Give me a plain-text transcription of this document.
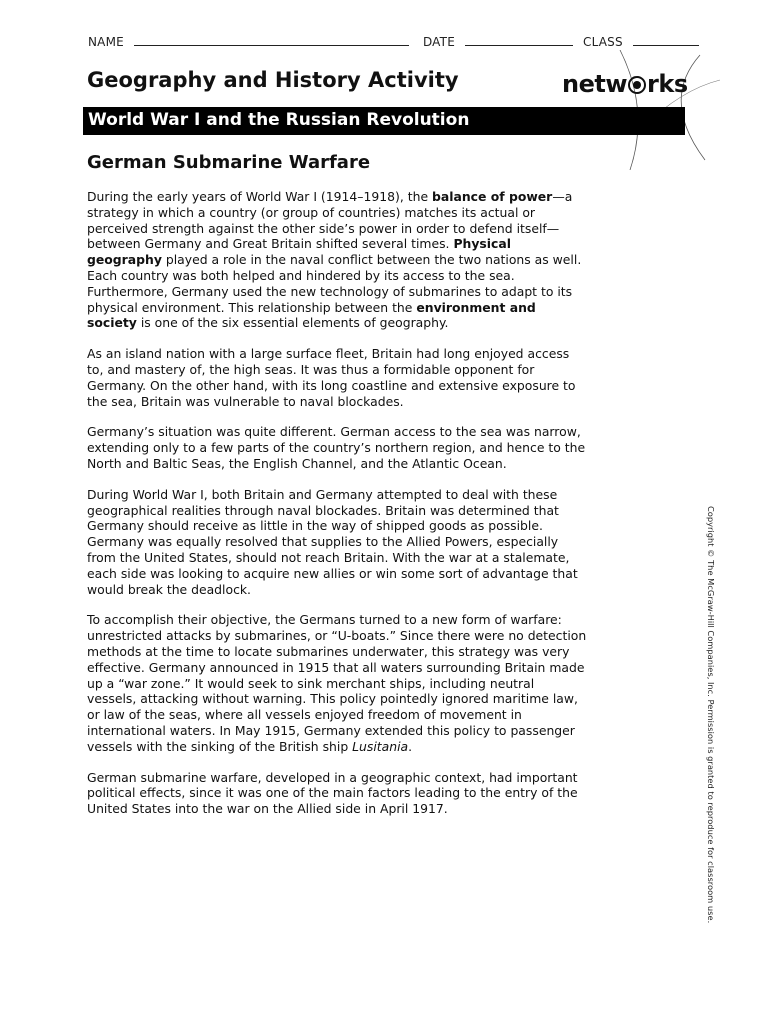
NAME	DATE	CLASS
Geography and History Activity	netw rks
World War I and the Russian Revolution
German Submarine Warfare

During the early years of World War I (1914–1918), the balance of power—a strategy in which a country (or group of countries) matches its actual or perceived strength against the other side’s power in order to defend itself—between Germany and Great Britain shifted several times. Physical geography played a role in the naval conflict between the two nations as well. Each country was both helped and hindered by its access to the sea. Furthermore, Germany used the new technology of submarines to adapt to its physical environment. This relationship between the environment and society is one of the six essential elements of geography.

As an island nation with a large surface fleet, Britain had long enjoyed access to, and mastery of, the high seas. It was thus a formidable opponent for Germany. On the other hand, with its long coastline and extensive exposure to the sea, Britain was vulnerable to naval blockades.

Germany’s situation was quite different. German access to the sea was narrow, extending only to a few parts of the country’s northern region, and hence to the North and Baltic Seas, the English Channel, and the Atlantic Ocean.

During World War I, both Britain and Germany attempted to deal with these geographical realities through naval blockades. Britain was determined that Germany should receive as little in the way of shipped goods as possible. Germany was equally resolved that supplies to the Allied Powers, especially from the United States, should not reach Britain. With the war at a stalemate, each side was looking to acquire new allies or win some sort of advantage that would break the deadlock.

To accomplish their objective, the Germans turned to a new form of warfare: unrestricted attacks by submarines, or “U-boats.” Since there were no detection methods at the time to locate submarines underwater, this strategy was very effective. Germany announced in 1915 that all waters surrounding Britain made up a “war zone.” It would seek to sink merchant ships, including neutral vessels, attacking without warning. This policy pointedly ignored maritime law, or law of the seas, where all vessels enjoyed freedom of movement in international waters. In May 1915, Germany extended this policy to passenger vessels with the sinking of the British ship Lusitania.

German submarine warfare, developed in a geographic context, had important political effects, since it was one of the main factors leading to the entry of the United States into the war on the Allied side in April 1917.	Copyright © The McGraw-Hill Companies, Inc. Permission is granted to reproduce for classroom use.
